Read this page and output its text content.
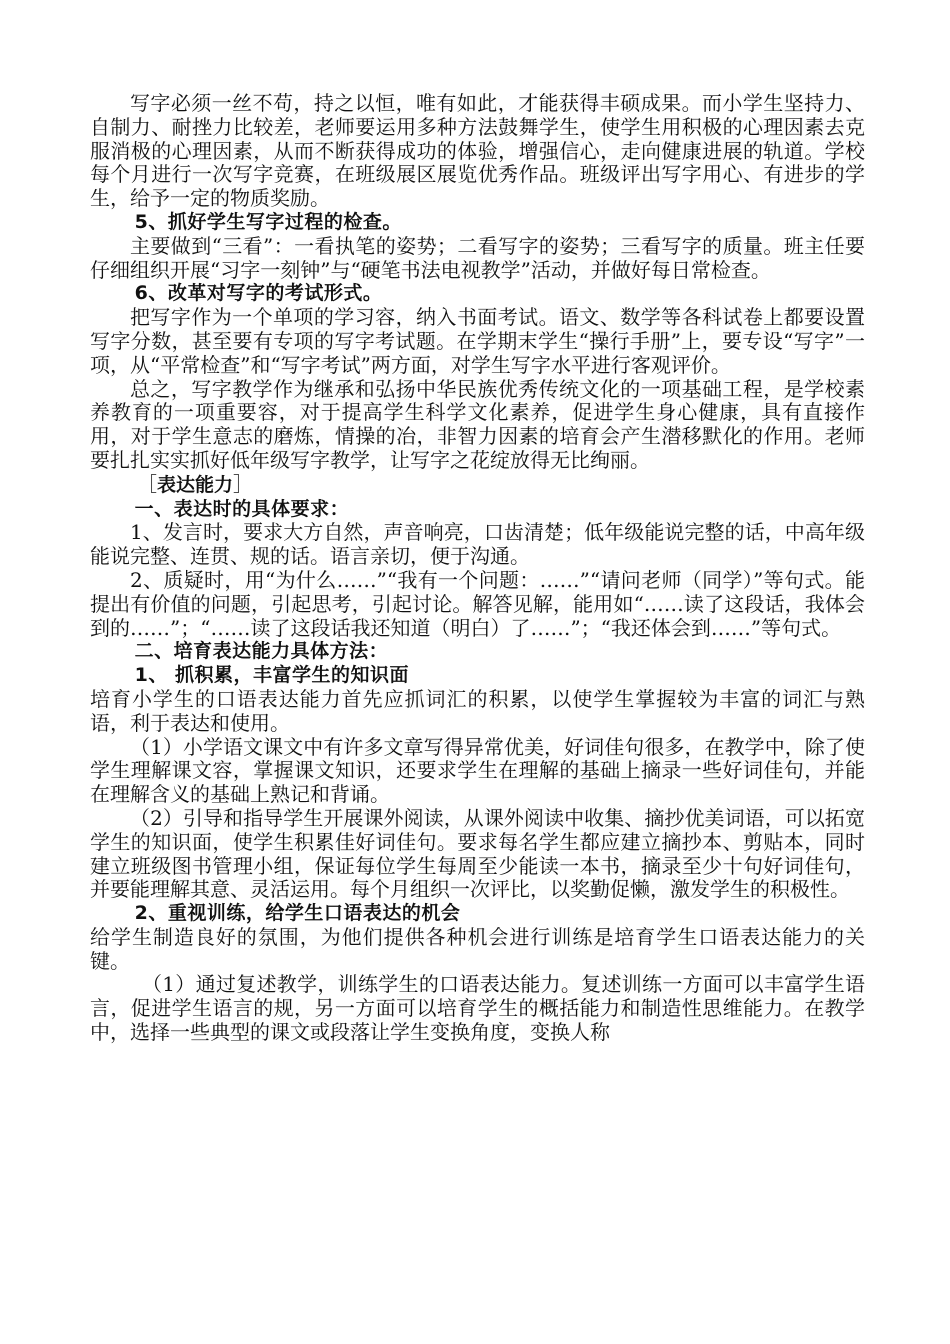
写字必须一丝不苟，持之以恒，唯有如此，才能获得丰硕成果。而小学生坚持力、自制力、耐挫力比较差，老师要运用多种方法鼓舞学生，使学生用积极的心理因素去克服消极的心理因素，从而不断获得成功的体验，增强信心，走向健康进展的轨道。学校每个月进行一次写字竞赛，在班级展区展览优秀作品。班级评出写字用心、有进步的学生，给予一定的物质奖励。

5、抓好学生写字过程的检查。

主要做到“三看”：一看执笔的姿势；二看写字的姿势；三看写字的质量。班主任要仔细组织开展“习字一刻钟”与“硬笔书法电视教学”活动，并做好每日常检查。

6、改革对写字的考试形式。

把写字作为一个单项的学习容，纳入书面考试。语文、数学等各科试卷上都要设置写字分数，甚至要有专项的写字考试题。在学期末学生“操行手册”上，要专设“写字”一项，从“平常检查”和“写字考试”两方面，对学生写字水平进行客观评价。

总之，写字教学作为继承和弘扬中华民族优秀传统文化的一项基础工程，是学校素养教育的一项重要容，对于提高学生科学文化素养，促进学生身心健康，具有直接作用，对于学生意志的磨炼，情操的冶，非智力因素的培育会产生潜移默化的作用。老师要扎扎实实抓好低年级写字教学，让写字之花绽放得无比绚丽。

［表达能力］

一、表达时的具体要求：

1、发言时，要求大方自然，声音响亮，口齿清楚；低年级能说完整的话，中高年级能说完整、连贯、规的话。语言亲切，便于沟通。

2、质疑时，用“为什么……”“我有一个问题：……”“请问老师（同学）”等句式。能提出有价值的问题，引起思考，引起讨论。解答见解，能用如“……读了这段话，我体会到的……”；“……读了这段话我还知道（明白）了……”；“我还体会到……”等句式。

二、培育表达能力具体方法：

1、 抓积累，丰富学生的知识面

培育小学生的口语表达能力首先应抓词汇的积累，以使学生掌握较为丰富的词汇与熟语，利于表达和使用。

（1）小学语文课文中有许多文章写得异常优美，好词佳句很多，在教学中，除了使学生理解课文容，掌握课文知识，还要求学生在理解的基础上摘录一些好词佳句，并能在理解含义的基础上熟记和背诵。

（2）引导和指导学生开展课外阅读，从课外阅读中收集、摘抄优美词语，可以拓宽学生的知识面，使学生积累佳好词佳句。要求每名学生都应建立摘抄本、剪贴本，同时建立班级图书管理小组，保证每位学生每周至少能读一本书，摘录至少十句好词佳句，并要能理解其意、灵活运用。每个月组织一次评比，以奖勤促懒，激发学生的积极性。

2、重视训练，给学生口语表达的机会

给学生制造良好的氛围，为他们提供各种机会进行训练是培育学生口语表达能力的关键。

（1）通过复述教学，训练学生的口语表达能力。复述训练一方面可以丰富学生语言，促进学生语言的规，另一方面可以培育学生的概括能力和制造性思维能力。在教学中，选择一些典型的课文或段落让学生变换角度，变换人称
